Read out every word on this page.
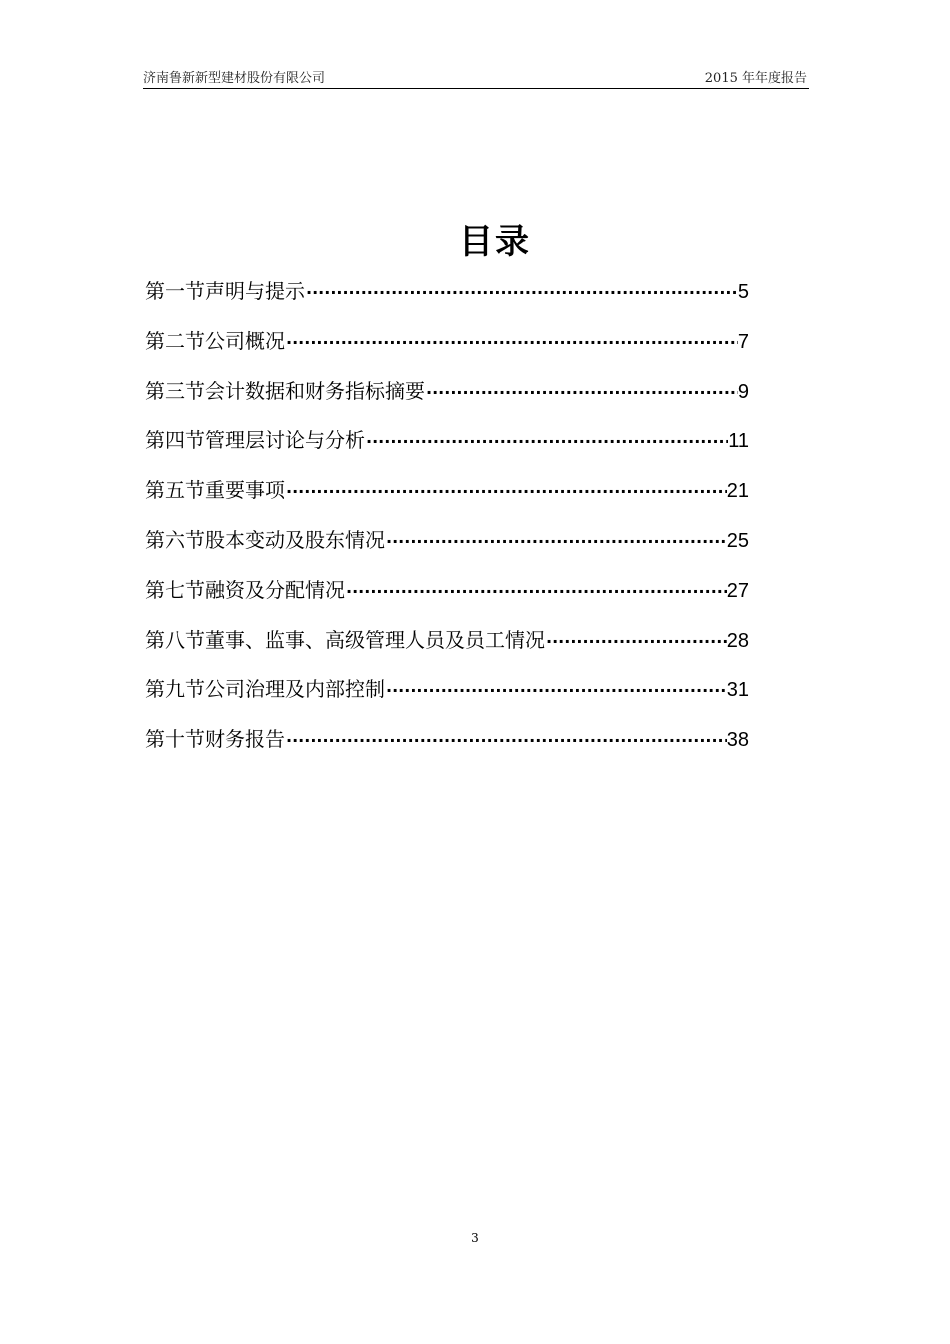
济南鲁新新型建材股份有限公司	2015 年年度报告
目录
第一节声明与提示 ·····	5
第二节公司概况 ·····	7
第三节会计数据和财务指标摘要 ·····	9
第四节管理层讨论与分析 ·····	11
第五节重要事项 ·····	21
第六节股本变动及股东情况 ·····	25
第七节融资及分配情况 ·····	27
第八节董事、监事、高级管理人员及员工情况 ·····	28
第九节公司治理及内部控制 ·····	31
第十节财务报告 ·····	38
3
